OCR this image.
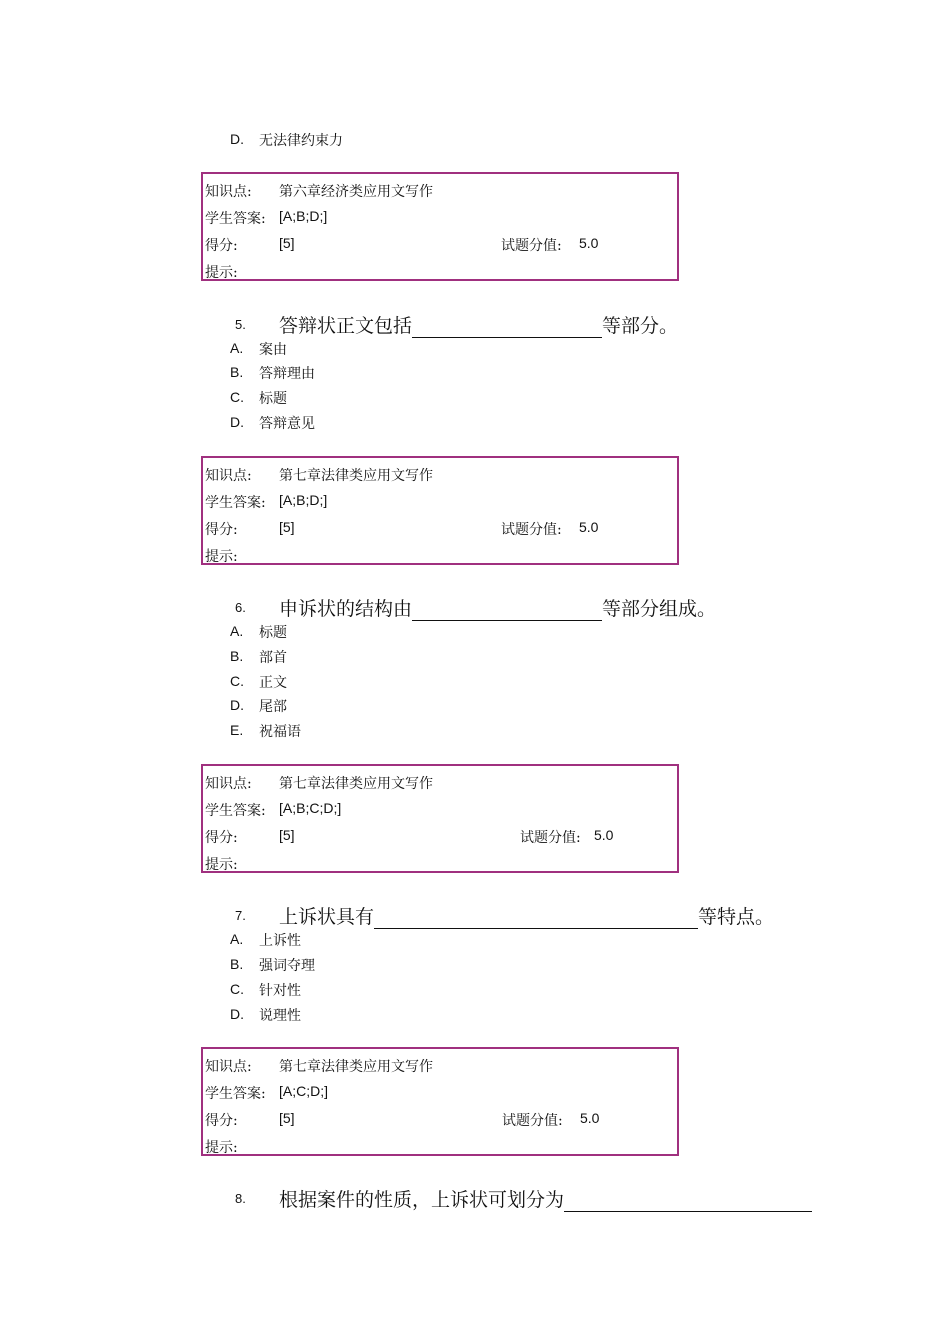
D. 无法律约束力
知识点: 第六章经济类应用文写作
学生答案: [A;B;D;]
得分:	[5]	试题分值: 5.0
提示:
5. 答辩状正文包括	等部分。
A. 案由
B. 答辩理由
C. 标题
D. 答辩意见
知识点: 第七章法律类应用文写作
学生答案: [A;B;D;]
得分:	[5]	试题分值: 5.0
提示:
6. 申诉状的结构由	等部分组成。
A. 标题
B. 部首
C. 正文
D. 尾部
E. 祝福语
知识点: 第七章法律类应用文写作
学生答案: [A;B;C;D;]
得分:	[5]	试题分值: 5.0
提示:
7. 上诉状具有	等特点。
A. 上诉性
B. 强词夺理
C. 针对性
D. 说理性
知识点: 第七章法律类应用文写作
学生答案: [A;C;D;]
得分:	[5]	试题分值: 5.0
提示:
8. 根据案件的性质，上诉状可划分为
